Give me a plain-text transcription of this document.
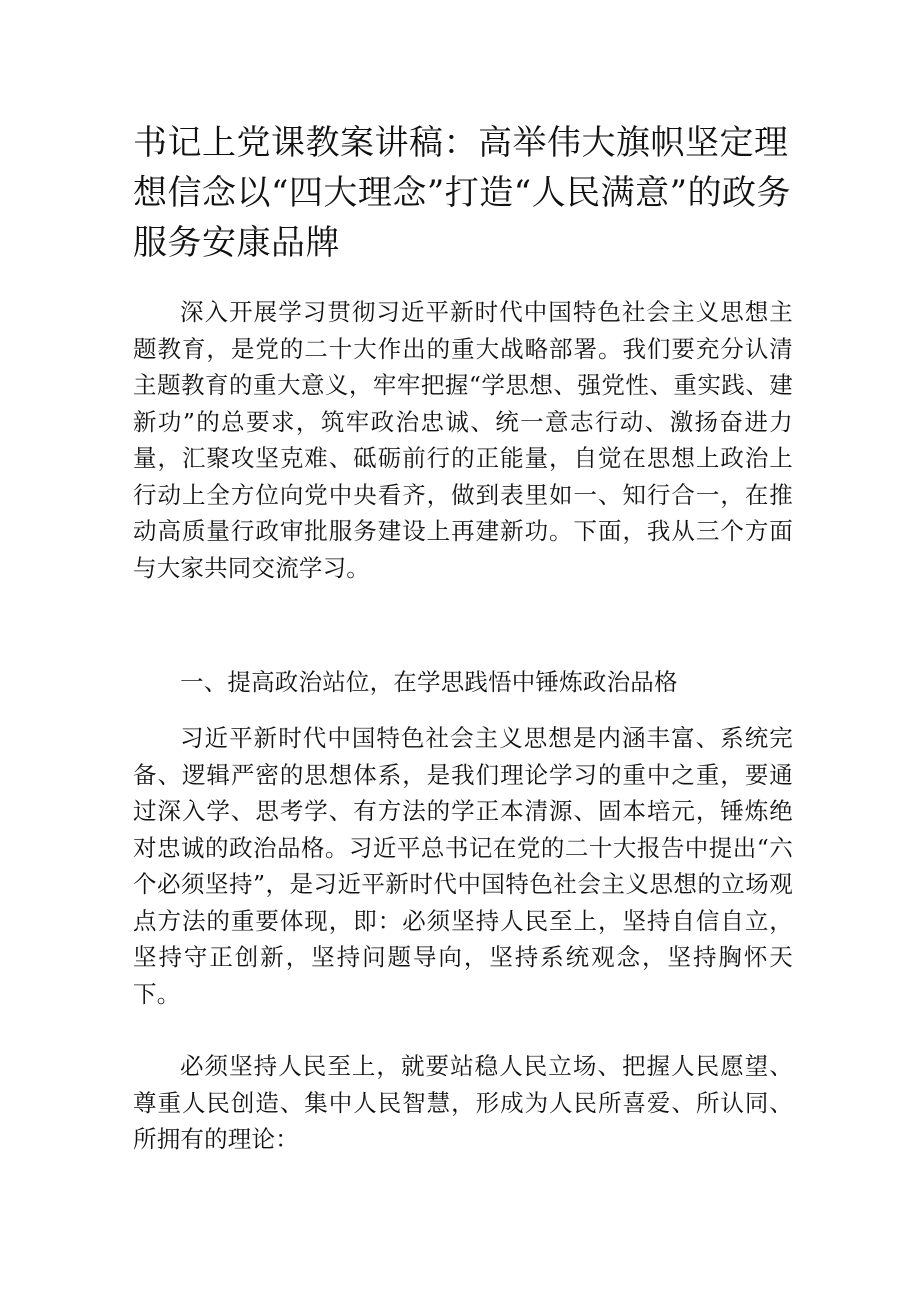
书记上党课教案讲稿：高举伟大旗帜坚定理想信念以“四大理念”打造“人民满意”的政务服务安康品牌

深入开展学习贯彻习近平新时代中国特色社会主义思想主题教育，是党的二十大作出的重大战略部署。我们要充分认清主题教育的重大意义，牢牢把握“学思想、强党性、重实践、建新功”的总要求，筑牢政治忠诚、统一意志行动、激扬奋进力量，汇聚攻坚克难、砥砺前行的正能量，自觉在思想上政治上行动上全方位向党中央看齐，做到表里如一、知行合一，在推动高质量行政审批服务建设上再建新功。下面，我从三个方面与大家共同交流学习。

一、提高政治站位，在学思践悟中锤炼政治品格

习近平新时代中国特色社会主义思想是内涵丰富、系统完备、逻辑严密的思想体系，是我们理论学习的重中之重，要通过深入学、思考学、有方法的学正本清源、固本培元，锤炼绝对忠诚的政治品格。习近平总书记在党的二十大报告中提出“六个必须坚持”，是习近平新时代中国特色社会主义思想的立场观点方法的重要体现，即：必须坚持人民至上，坚持自信自立，坚持守正创新，坚持问题导向，坚持系统观念，坚持胸怀天下。

必须坚持人民至上，就要站稳人民立场、把握人民愿望、尊重人民创造、集中人民智慧，形成为人民所喜爱、所认同、所拥有的理论：
